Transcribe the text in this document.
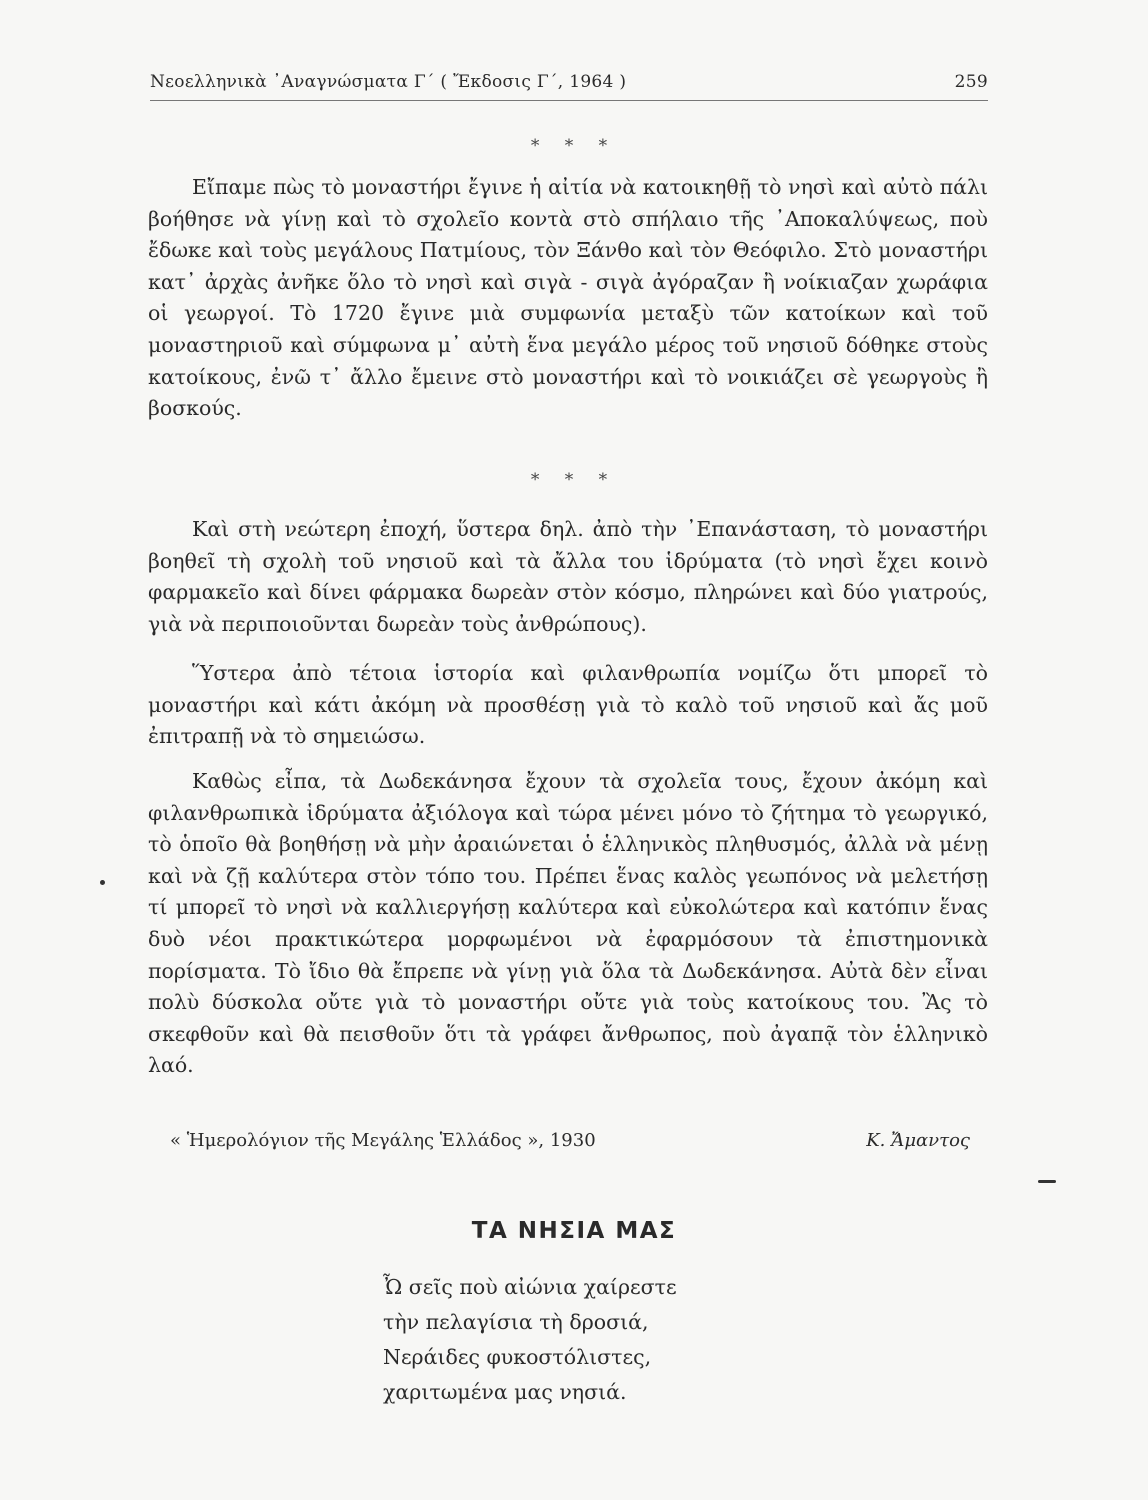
Νεοελληνικὰ ᾿Αναγνώσματα Γ΄ ( Ἔκδοσις Γ΄, 1964 )	259
* * *

Εἴπαμε πὼς τὸ μοναστήρι ἔγινε ἡ αἰτία νὰ κατοικηθῇ τὸ νησὶ καὶ αὐτὸ πάλι βοήθησε νὰ γίνῃ καὶ τὸ σχολεῖο κοντὰ στὸ σπήλαιο τῆς ᾿Αποκαλύψεως, ποὺ ἔδωκε καὶ τοὺς μεγάλους Πατμίους, τὸν Ξάνθο καὶ τὸν Θεόφιλο. Στὸ μοναστήρι κατ᾿ ἀρχὰς ἀνῆκε ὅλο τὸ νησὶ καὶ σιγὰ - σιγὰ ἀγόραζαν ἢ νοίκιαζαν χωράφια οἱ γεωργοί. Τὸ 1720 ἔγινε μιὰ συμφωνία μεταξὺ τῶν κατοίκων καὶ τοῦ μοναστηριοῦ καὶ σύμφωνα μ᾿ αὐτὴ ἕνα μεγάλο μέρος τοῦ νησιοῦ δόθηκε στοὺς κατοίκους, ἐνῶ τ᾿ ἄλλο ἔμεινε στὸ μοναστήρι καὶ τὸ νοικιάζει σὲ γεωργοὺς ἢ βοσκούς.

* * *

Καὶ στὴ νεώτερη ἐποχή, ὕστερα δηλ. ἀπὸ τὴν ᾿Επανάσταση, τὸ μοναστήρι βοηθεῖ τὴ σχολὴ τοῦ νησιοῦ καὶ τὰ ἄλλα του ἱδρύματα (τὸ νησὶ ἔχει κοινὸ φαρμακεῖο καὶ δίνει φάρμακα δωρεὰν στὸν κόσμο, πληρώνει καὶ δύο γιατρούς, γιὰ νὰ περιποιοῦνται δωρεὰν τοὺς ἀνθρώπους).

Ὕστερα ἀπὸ τέτοια ἱστορία καὶ φιλανθρωπία νομίζω ὅτι μπορεῖ τὸ μοναστήρι καὶ κάτι ἀκόμη νὰ προσθέσῃ γιὰ τὸ καλὸ τοῦ νησιοῦ καὶ ἄς μοῦ ἐπιτραπῇ νὰ τὸ σημειώσω.

Καθὼς εἶπα, τὰ Δωδεκάνησα ἔχουν τὰ σχολεῖα τους, ἔχουν ἀκόμη καὶ φιλανθρωπικὰ ἱδρύματα ἀξιόλογα καὶ τώρα μένει μόνο τὸ ζήτημα τὸ γεωργικό, τὸ ὁποῖο θὰ βοηθήσῃ νὰ μὴν ἀραιώνεται ὁ ἑλληνικὸς πληθυσμός, ἀλλὰ νὰ μένῃ καὶ νὰ ζῇ καλύτερα στὸν τόπο του. Πρέπει ἕνας καλὸς γεωπόνος νὰ μελετήσῃ τί μπορεῖ τὸ νησὶ νὰ καλλιεργήσῃ καλύτερα καὶ εὐκολώτερα καὶ κατόπιν ἕνας δυὸ νέοι πρακτικώτερα μορφωμένοι νὰ ἐφαρμόσουν τὰ ἐπιστημονικὰ πορίσματα. Τὸ ἴδιο θὰ ἔπρεπε νὰ γίνῃ γιὰ ὅλα τὰ Δωδεκάνησα. Αὐτὰ δὲν εἶναι πολὺ δύσκολα οὔτε γιὰ τὸ μοναστήρι οὔτε γιὰ τοὺς κατοίκους του. Ἂς τὸ σκεφθοῦν καὶ θὰ πεισθοῦν ὅτι τὰ γράφει ἄνθρωπος, ποὺ ἀγαπᾷ τὸν ἑλληνικὸ λαό.

« Ἡμερολόγιον τῆς Μεγάλης Ἑλλάδος », 1930	Κ. Ἄμαντος
ΤΑ ΝΗΣΙΑ ΜΑΣ
Ὦ σεῖς ποὺ αἰώνια χαίρεστε
τὴν πελαγίσια τὴ δροσιά,
Νεράιδες φυκοστόλιστες,
χαριτωμένα μας νησιά.
